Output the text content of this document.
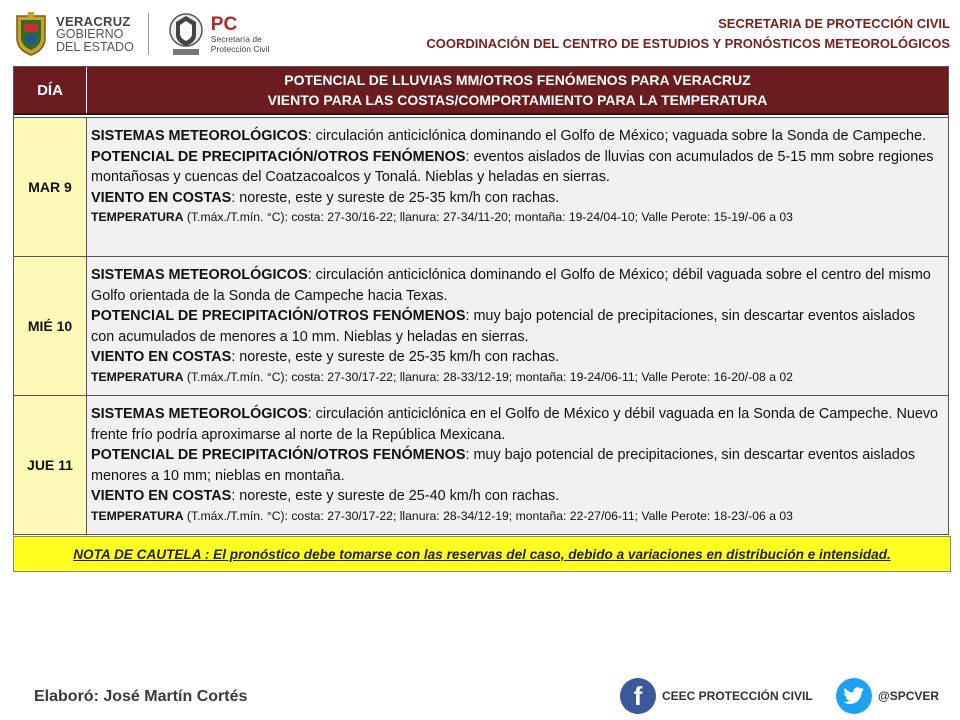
VERACRUZ
GOBIERNO
DEL ESTADO
PC
Secretaría de
Protección Civil
SECRETARIA DE PROTECCIÓN CIVIL
COORDINACIÓN DEL CENTRO DE ESTUDIOS Y PRONÓSTICOS METEOROLÓGICOS
DÍA
POTENCIAL DE LLUVIAS MM/OTROS FENÓMENOS PARA VERACRUZ
VIENTO PARA LAS COSTAS/COMPORTAMIENTO PARA LA TEMPERATURA
MAR 9
SISTEMAS METEOROLÓGICOS: circulación anticiclónica dominando el Golfo de México; vaguada sobre la Sonda de Campeche.
POTENCIAL DE PRECIPITACIÓN/OTROS FENÓMENOS: eventos aislados de lluvias con acumulados de 5-15 mm sobre regiones montañosas y cuencas del Coatzacoalcos y Tonalá. Nieblas y heladas en sierras.
VIENTO EN COSTAS: noreste, este y sureste de 25-35 km/h con rachas.
TEMPERATURA (T.máx./T.mín. °C): costa: 27-30/16-22; llanura: 27-34/11-20; montaña: 19-24/04-10; Valle Perote: 15-19/-06 a 03
MIÉ 10
SISTEMAS METEOROLÓGICOS: circulación anticiclónica dominando el Golfo de México; débil vaguada sobre el centro del mismo Golfo orientada de la Sonda de Campeche hacia Texas.
POTENCIAL DE PRECIPITACIÓN/OTROS FENÓMENOS: muy bajo potencial de precipitaciones, sin descartar eventos aislados con acumulados de menores a 10 mm. Nieblas y heladas en sierras.
VIENTO EN COSTAS: noreste, este y sureste de 25-35 km/h con rachas.
TEMPERATURA (T.máx./T.mín. °C): costa: 27-30/17-22; llanura: 28-33/12-19; montaña: 19-24/06-11; Valle Perote: 16-20/-08 a 02
JUE 11
SISTEMAS METEOROLÓGICOS: circulación anticiclónica en el Golfo de México y débil vaguada en la Sonda de Campeche. Nuevo frente frío podría aproximarse al norte de la República Mexicana.
POTENCIAL DE PRECIPITACIÓN/OTROS FENÓMENOS: muy bajo potencial de precipitaciones, sin descartar eventos aislados menores a 10 mm; nieblas en montaña.
VIENTO EN COSTAS: noreste, este y sureste de 25-40 km/h con rachas.
TEMPERATURA (T.máx./T.mín. °C): costa: 27-30/17-22; llanura: 28-34/12-19; montaña: 22-27/06-11; Valle Perote: 18-23/-06 a 03
NOTA DE CAUTELA : El pronóstico debe tomarse con las reservas del caso, debido a variaciones en distribución e intensidad.
Elaboró: José Martín Cortés	f	CEEC PROTECCIÓN CIVIL	@SPCVER
